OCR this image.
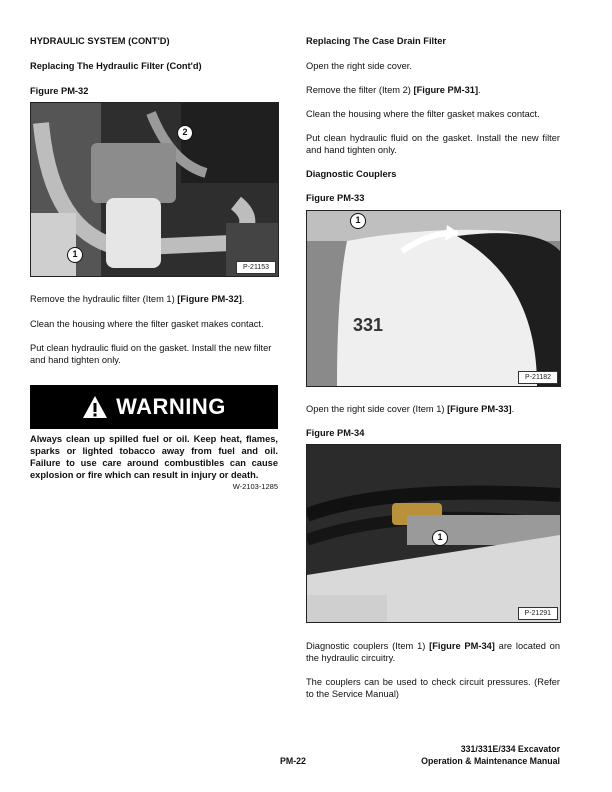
HYDRAULIC SYSTEM (CONT'D)
Replacing The Hydraulic Filter (Cont'd)
Figure PM-32
1
2
P-21153

Remove the hydraulic filter (Item 1) [Figure PM-32].

Clean the housing where the filter gasket makes contact.

Put clean hydraulic fluid on the gasket. Install the new filter and hand tighten only.

WARNING

Always clean up spilled fuel or oil. Keep heat, flames, sparks or lighted tobacco away from fuel and oil. Failure to use care around combustibles can cause explosion or fire which can result in injury or death.

W-2103-1285
Replacing The Case Drain Filter

Open the right side cover.

Remove the filter (Item 2) [Figure PM-31].

Clean the housing where the filter gasket makes contact.

Put clean hydraulic fluid on the gasket. Install the new filter and hand tighten only.

Diagnostic Couplers
Figure PM-33
331
1
P-21182

Open the right side cover (Item 1) [Figure PM-33].

Figure PM-34
1
P-21291

Diagnostic couplers (Item 1) [Figure PM-34] are located on the hydraulic circuitry.

The couplers can be used to check circuit pressures. (Refer to the Service Manual)

PM-22
331/331E/334 Excavator
Operation & Maintenance Manual
